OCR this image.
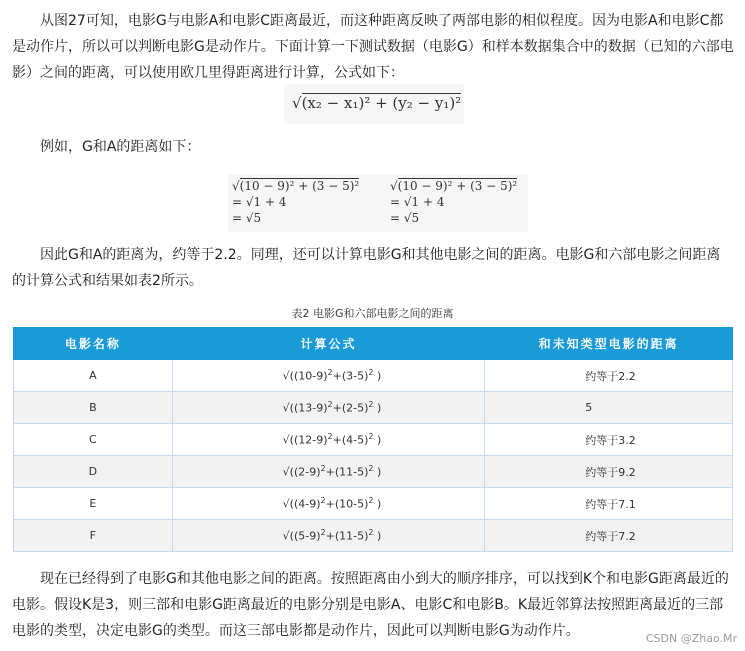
从图27可知，电影G与电影A和电影C距离最近，而这种距离反映了两部电影的相似程度。因为电影A和电影C都是动作片，所以可以判断电影G是动作片。下面计算一下测试数据（电影G）和样本数据集合中的数据（已知的六部电影）之间的距离，可以使用欧几里得距离进行计算，公式如下：

√(x₂ − x₁)² + (y₂ − y₁)²

例如，G和A的距离如下：

√(10 − 9)² + (3 − 5)²
= √1 + 4
= √5
√(10 − 9)² + (3 − 5)²
= √1 + 4
= √5

因此G和A的距离为，约等于2.2。同理，还可以计算电影G和其他电影之间的距离。电影G和六部电影之间距离的计算公式和结果如表2所示。

表2 电影G和六部电影之间的距离
电影名称	计算公式	和未知类型电影的距离
A	$√((10-9)^2+(3-5)^2$ )	约等于2.2
B	$√((13-9)^2+(2-5)^2$ )	5
C	$√((12-9)^2+(4-5)^2$ )	约等于3.2
D	$√((2-9)^2+(11-5)^2$ )	约等于9.2
E	$√((4-9)^2+(10-5)^2$ )	约等于7.1
F	$√((5-9)^2+(11-5)^2$ )	约等于7.2

现在已经得到了电影G和其他电影之间的距离。按照距离由小到大的顺序排序，可以找到K个和电影G距离最近的电影。假设K是3，则三部和电影G距离最近的电影分别是电影A、电影C和电影B。K最近邻算法按照距离最近的三部电影的类型，决定电影G的类型。而这三部电影都是动作片，因此可以判断电影G为动作片。	CSDN @Zhao.Mr
